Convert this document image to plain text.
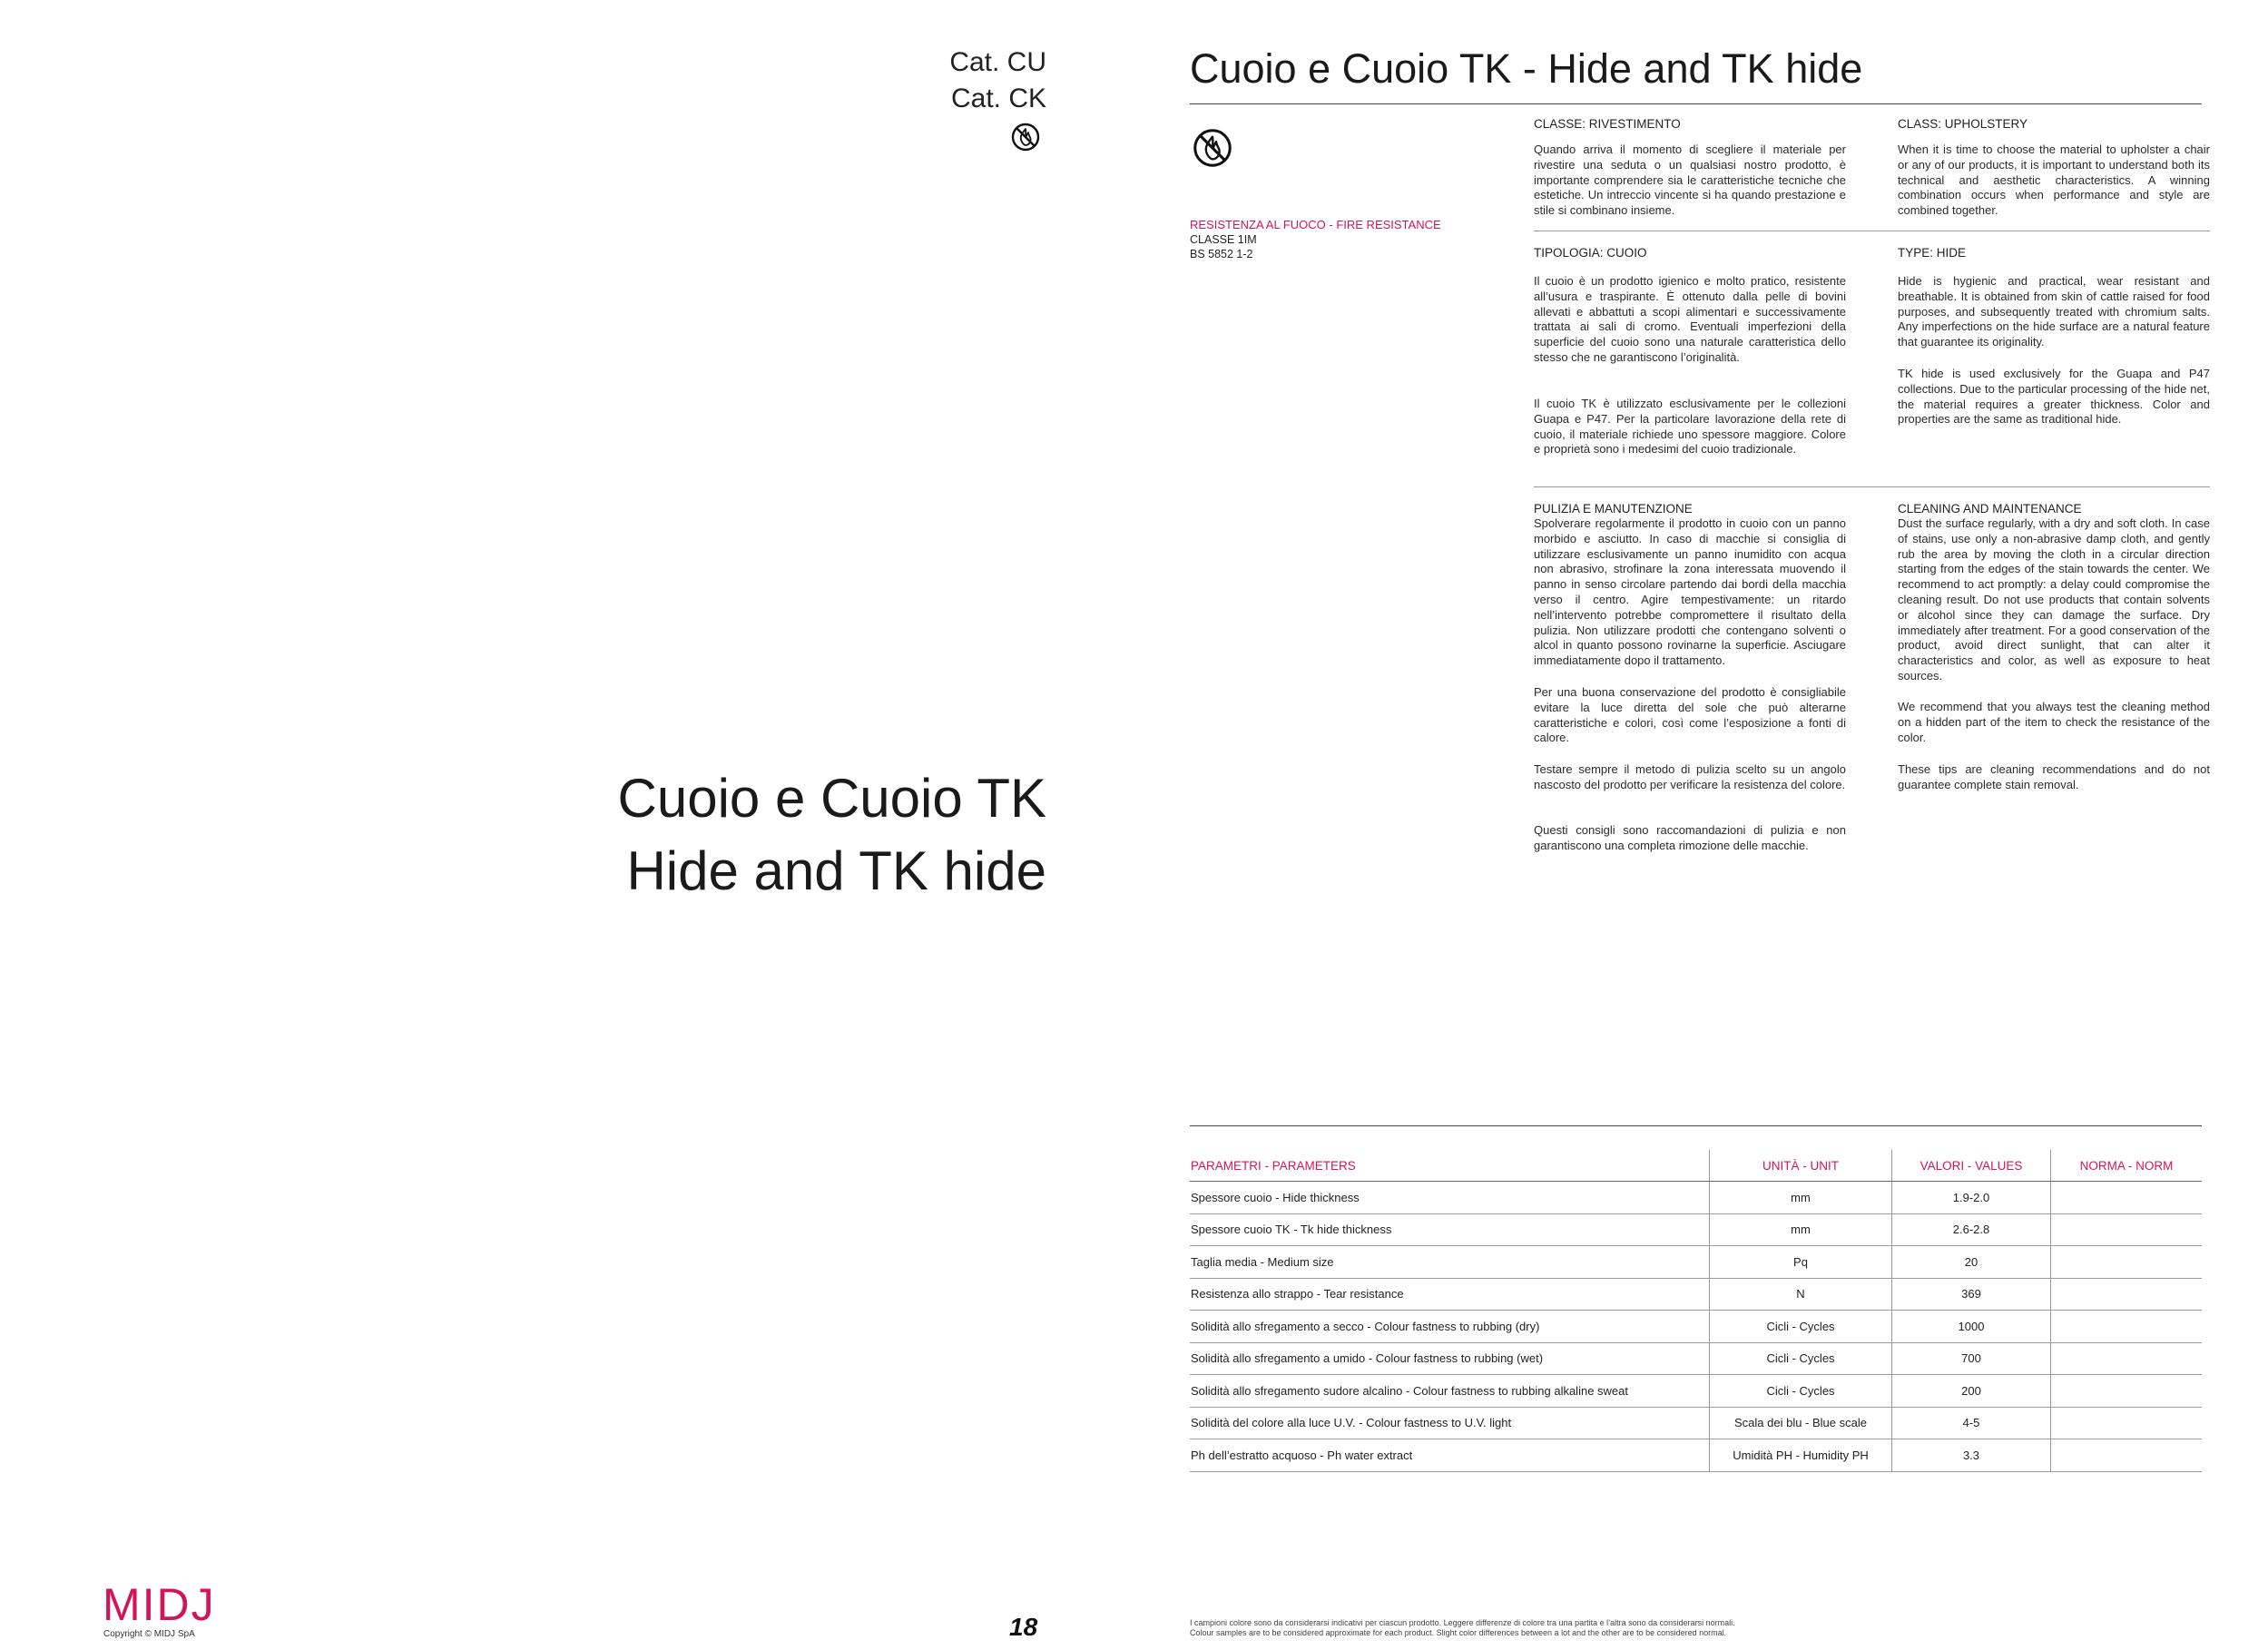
Cat. CU
Cat. CK
Cuoio e Cuoio TK
Hide and TK hide
Cuoio e Cuoio TK - Hide and TK hide
RESISTENZA AL FUOCO - FIRE RESISTANCE
CLASSE 1IM
BS 5852 1-2
CLASSE: RIVESTIMENTO	CLASS: UPHOLSTERY

Quando arriva il momento di scegliere il materiale per rivestire una seduta o un qualsiasi nostro prodotto, è importante comprendere sia le caratteristiche tecniche che estetiche. Un intreccio vincente si ha quando prestazione e stile si combinano insieme.

When it is time to choose the material to upholster a chair or any of our products, it is important to understand both its technical and aesthetic characteristics. A winning combination occurs when performance and style are combined together.

TIPOLOGIA: CUOIO	TYPE: HIDE

Il cuoio è un prodotto igienico e molto pratico, resistente all’usura e traspirante. È ottenuto dalla pelle di bovini allevati e abbattuti a scopi alimentari e successivamente trattata ai sali di cromo. Eventuali imperfezioni della superficie del cuoio sono una naturale caratteristica dello stesso che ne garantiscono l’originalità.

Il cuoio TK è utilizzato esclusivamente per le collezioni Guapa e P47. Per la particolare lavorazione della rete di cuoio, il materiale richiede uno spessore maggiore. Colore e proprietà sono i medesimi del cuoio tradizionale.

Hide is hygienic and practical, wear resistant and breathable. It is obtained from skin of cattle raised for food purposes, and subsequently treated with chromium salts. Any imperfections on the hide surface are a natural feature that guarantee its originality.

TK hide is used exclusively for the Guapa and P47 collections. Due to the particular processing of the hide net, the material requires a greater thickness. Color and properties are the same as traditional hide.

PULIZIA E MANUTENZIONE	CLEANING AND MAINTENANCE

Spolverare regolarmente il prodotto in cuoio con un panno morbido e asciutto. In caso di macchie si consiglia di utilizzare esclusivamente un panno inumidito con acqua non abrasivo, strofinare la zona interessata muovendo il panno in senso circolare partendo dai bordi della macchia verso il centro. Agire tempestivamente: un ritardo nell’intervento potrebbe compromettere il risultato della pulizia. Non utilizzare prodotti che contengano solventi o alcol in quanto possono rovinarne la superficie. Asciugare immediatamente dopo il trattamento.

Per una buona conservazione del prodotto è consigliabile evitare la luce diretta del sole che può alterarne caratteristiche e colori, così come l’esposizione a fonti di calore.

Testare sempre il metodo di pulizia scelto su un angolo nascosto del prodotto per verificare la resistenza del colore.

Questi consigli sono raccomandazioni di pulizia e non garantiscono una completa rimozione delle macchie.

Dust the surface regularly, with a dry and soft cloth. In case of stains, use only a non-abrasive damp cloth, and gently rub the area by moving the cloth in a circular direction starting from the edges of the stain towards the center. We recommend to act promptly: a delay could compromise the cleaning result. Do not use products that contain solvents or alcohol since they can damage the surface. Dry immediately after treatment. For a good conservation of the product, avoid direct sunlight, that can alter it characteristics and color, as well as exposure to heat sources.

We recommend that you always test the cleaning method on a hidden part of the item to check the resistance of the color.

These tips are cleaning recommendations and do not guarantee complete stain removal.

PARAMETRI - PARAMETERS	UNITÀ - UNIT	VALORI - VALUES	NORMA - NORM
Spessore cuoio - Hide thickness	mm	1.9-2.0	
Spessore cuoio TK - Tk hide thickness	mm	2.6-2.8	
Taglia media - Medium size	Pq	20	
Resistenza allo strappo - Tear resistance	N	369	
Solidità allo sfregamento a secco - Colour fastness to rubbing (dry)	Cicli - Cycles	1000	
Solidità allo sfregamento a umido - Colour fastness to rubbing (wet)	Cicli - Cycles	700	
Solidità allo sfregamento sudore alcalino - Colour fastness to rubbing alkaline sweat	Cicli - Cycles	200	
Solidità del colore alla luce U.V. - Colour fastness to U.V. light	Scala dei blu - Blue scale	4-5	
Ph dell’estratto acquoso - Ph water extract	Umidità PH - Humidity PH	3.3	
MIDJ
Copyright © MIDJ SpA	18	I campioni colore sono da considerarsi indicativi per ciascun prodotto. Leggere differenze di colore tra una partita e l’altra sono da considerarsi normali.
Colour samples are to be considered approximate for each product. Slight color differences between a lot and the other are to be considered normal.
